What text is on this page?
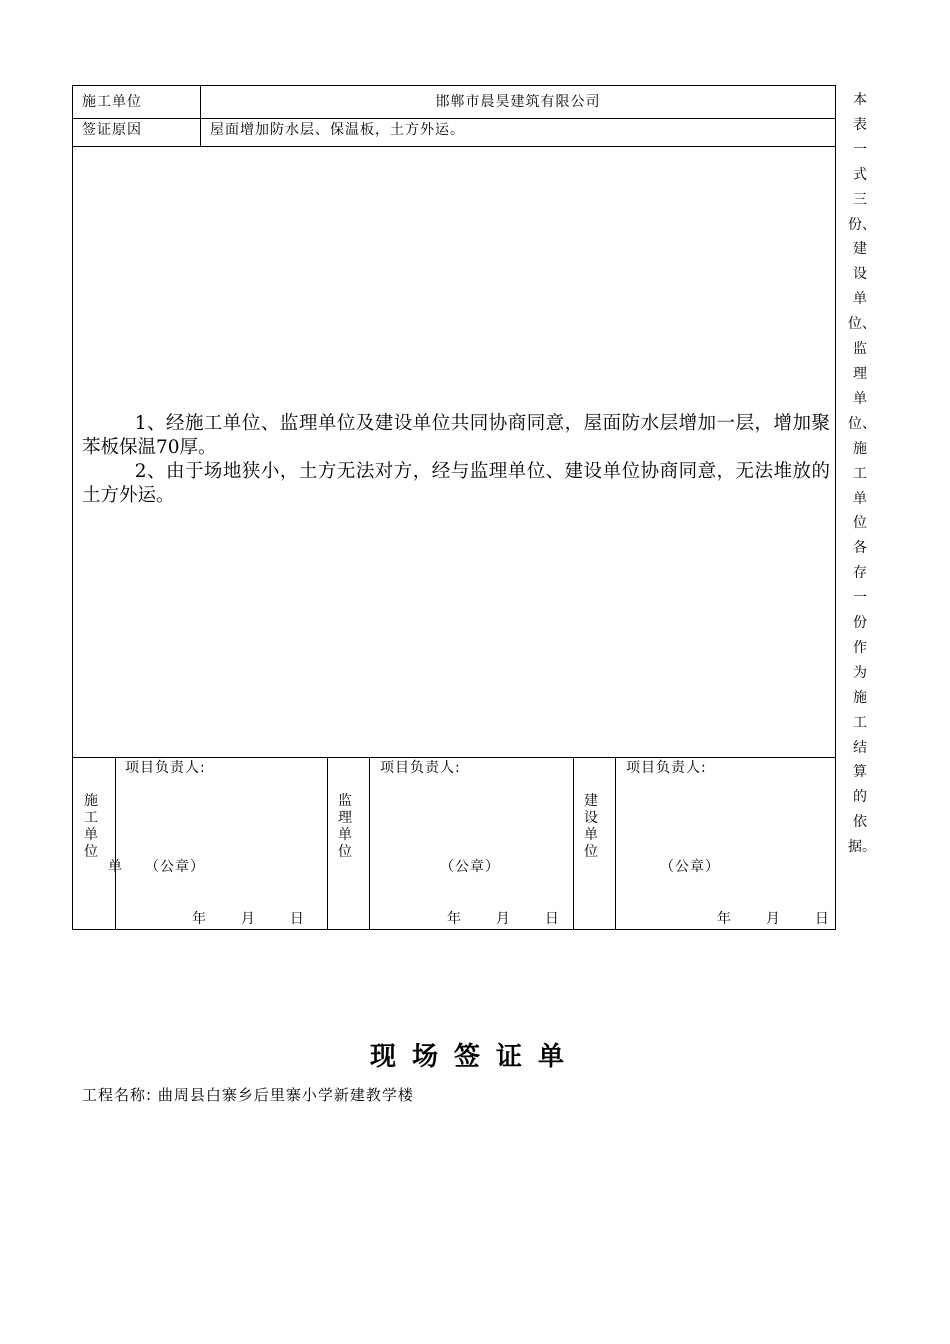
施工单位	邯郸市晨昊建筑有限公司
签证原因	屋面增加防水层、保温板，土方外运。

1、经施工单位、监理单位及建设单位共同协商同意，屋面防水层增加一层，增加聚苯板保温70厚。

2、由于场地狭小，土方无法对方，经与监理单位、建设单位协商同意，无法堆放的土方外运。

施
工
单
位
项目负责人:
单 （公章）
年 月 日
监
理
单
位
项目负责人:
（公章）
年 月 日
建
设
单
位
项目负责人:
（公章）
年 月 日
本
表
一
式
三
份、
建
设
单
位、
监
理
单
位、
施
工
单
位
各
存
一
份
作
为
施
工
结
算
的
依
据。
现场签证单
工程名称: 曲周县白寨乡后里寨小学新建教学楼
